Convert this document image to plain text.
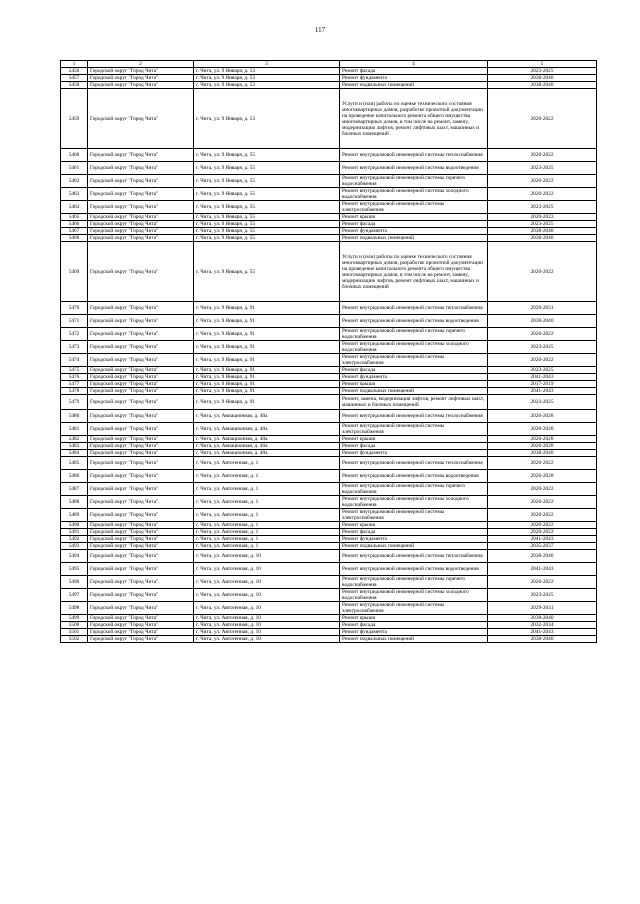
117
1	2	3	4	5
5456	Городской округ "Город Чита"	г. Чита, ул. 9 Января, д. 53	Ремонт фасада	2023-2025
5457	Городской округ "Город Чита"	г. Чита, ул. 9 Января, д. 53	Ремонт фундамента	2038-2040
5458	Городской округ "Город Чита"	г. Чита, ул. 9 Января, д. 53	Ремонт подвальных помещений	2038-2040
5459	Городской округ "Город Чита"	г. Чита, ул. 9 Января, д. 53	Услуги и (или) работы по оценке технического состояния многоквартирных домов, разработке проектной документации на проведение капитального ремонта общего имущества многоквартирных домов, в том числе на ремонт, замену, модернизацию лифтов, ремонт лифтовых шахт, машинных и блочных помещений	2020-2022
5460	Городской округ "Город Чита"	г. Чита, ул. 9 Января, д. 55	Ремонт внутридомовой инженерной системы теплоснабжения	2020-2022
5461	Городской округ "Город Чита"	г. Чита, ул. 9 Января, д. 55	Ремонт внутридомовой инженерной системы водоотведения	2023-2025
5462	Городской округ "Город Чита"	г. Чита, ул. 9 Января, д. 55	Ремонт внутридомовой инженерной системы горячего водоснабжения	2020-2022
5463	Городской округ "Город Чита"	г. Чита, ул. 9 Января, д. 55	Ремонт внутридомовой инженерной системы холодного водоснабжения	2020-2022
5464	Городской округ "Город Чита"	г. Чита, ул. 9 Января, д. 55	Ремонт внутридомовой инженерной системы электроснабжения	2023-2025
5465	Городской округ "Город Чита"	г. Чита, ул. 9 Января, д. 55	Ремонт крыши	2020-2022
5466	Городской округ "Город Чита"	г. Чита, ул. 9 Января, д. 55	Ремонт фасада	2023-2025
5467	Городской округ "Город Чита"	г. Чита, ул. 9 Января, д. 55	Ремонт фундамента	2038-2040
5468	Городской округ "Город Чита"	г. Чита, ул. 9 Января, д. 55	Ремонт подвальных помещений	2038-2040
5469	Городской округ "Город Чита"	г. Чита, ул. 9 Января, д. 55	Услуги и (или) работы по оценке технического состояния многоквартирных домов, разработке проектной документации на проведение капитального ремонта общего имущества многоквартирных домов, в том числе на ремонт, замену, модернизацию лифтов, ремонт лифтовых шахт, машинных и блочных помещений	2020-2022
5470	Городской округ "Город Чита"	г. Чита, ул. 9 Января, д. 91	Ремонт внутридомовой инженерной системы теплоснабжения	2029-2031
5471	Городской округ "Город Чита"	г. Чита, ул. 9 Января, д. 91	Ремонт внутридомовой инженерной системы водоотведения	2038-2040
5472	Городской округ "Город Чита"	г. Чита, ул. 9 Января, д. 91	Ремонт внутридомовой инженерной системы горячего водоснабжения	2020-2022
5473	Городской округ "Город Чита"	г. Чита, ул. 9 Января, д. 91	Ремонт внутридомовой инженерной системы холодного водоснабжения	2023-2025
5474	Городской округ "Город Чита"	г. Чита, ул. 9 Января, д. 91	Ремонт внутридомовой инженерной системы электроснабжения	2020-2022
5475	Городской округ "Город Чита"	г. Чита, ул. 9 Января, д. 91	Ремонт фасада	2023-2025
5476	Городской округ "Город Чита"	г. Чита, ул. 9 Января, д. 91	Ремонт фундамента	2041-2043
5477	Городской округ "Город Чита"	г. Чита, ул. 9 Января, д. 91	Ремонт крыши	2017-2019
5478	Городской округ "Город Чита"	г. Чита, ул. 9 Января, д. 91	Ремонт подвальных помещений	2041-2043
5479	Городской округ "Город Чита"	г. Чита, ул. 9 Января, д. 91	Ремонт, замена, модернизация лифтов, ремонт лифтовых шахт, машинных и блочных помещений	2023-2025
5480	Городской округ "Город Чита"	г. Чита, ул. Авиационная, д. 40а	Ремонт внутридомовой инженерной системы теплоснабжения	2026-2028
5481	Городской округ "Город Чита"	г. Чита, ул. Авиационная, д. 40а	Ремонт внутридомовой инженерной системы электроснабжения	2026-2028
5482	Городской округ "Город Чита"	г. Чита, ул. Авиационная, д. 40а	Ремонт крыши	2026-2028
5483	Городской округ "Город Чита"	г. Чита, ул. Авиационная, д. 40а	Ремонт фасада	2026-2028
5484	Городской округ "Город Чита"	г. Чита, ул. Авиационная, д. 40а	Ремонт фундамента	2038-2040
5485	Городской округ "Город Чита"	г. Чита, ул. Автогенная, д. 1	Ремонт внутридомовой инженерной системы теплоснабжения	2020-2022
5486	Городской округ "Город Чита"	г. Чита, ул. Автогенная, д. 1	Ремонт внутридомовой инженерной системы водоотведения	2026-2028
5487	Городской округ "Город Чита"	г. Чита, ул. Автогенная, д. 1	Ремонт внутридомовой инженерной системы горячего водоснабжения	2020-2022
5488	Городской округ "Город Чита"	г. Чита, ул. Автогенная, д. 1	Ремонт внутридомовой инженерной системы холодного водоснабжения	2020-2022
5489	Городской округ "Город Чита"	г. Чита, ул. Автогенная, д. 1	Ремонт внутридомовой инженерной системы электроснабжения	2020-2022
5490	Городской округ "Город Чита"	г. Чита, ул. Автогенная, д. 1	Ремонт крыши	2020-2022
5491	Городской округ "Город Чита"	г. Чита, ул. Автогенная, д. 1	Ремонт фасада	2020-2022
5492	Городской округ "Город Чита"	г. Чита, ул. Автогенная, д. 1	Ремонт фундамента	2041-2043
5493	Городской округ "Город Чита"	г. Чита, ул. Автогенная, д. 1	Ремонт подвальных помещений	2035-2037
5494	Городской округ "Город Чита"	г. Чита, ул. Автогенная, д. 10	Ремонт внутридомовой инженерной системы теплоснабжения	2038-2040
5495	Городской округ "Город Чита"	г. Чита, ул. Автогенная, д. 10	Ремонт внутридомовой инженерной системы водоотведения	2041-2043
5496	Городской округ "Город Чита"	г. Чита, ул. Автогенная, д. 10	Ремонт внутридомовой инженерной системы горячего водоснабжения	2020-2022
5497	Городской округ "Город Чита"	г. Чита, ул. Автогенная, д. 10	Ремонт внутридомовой инженерной системы холодного водоснабжения	2023-2025
5498	Городской округ "Город Чита"	г. Чита, ул. Автогенная, д. 10	Ремонт внутридомовой инженерной системы электроснабжения	2029-2031
5499	Городской округ "Город Чита"	г. Чита, ул. Автогенная, д. 10	Ремонт крыши	2038-2040
5500	Городской округ "Город Чита"	г. Чита, ул. Автогенная, д. 10	Ремонт фасада	2032-2034
5501	Городской округ "Город Чита"	г. Чита, ул. Автогенная, д. 10	Ремонт фундамента	2041-2043
5502	Городской округ "Город Чита"	г. Чита, ул. Автогенная, д. 10	Ремонт подвальных помещений	2038-2040
